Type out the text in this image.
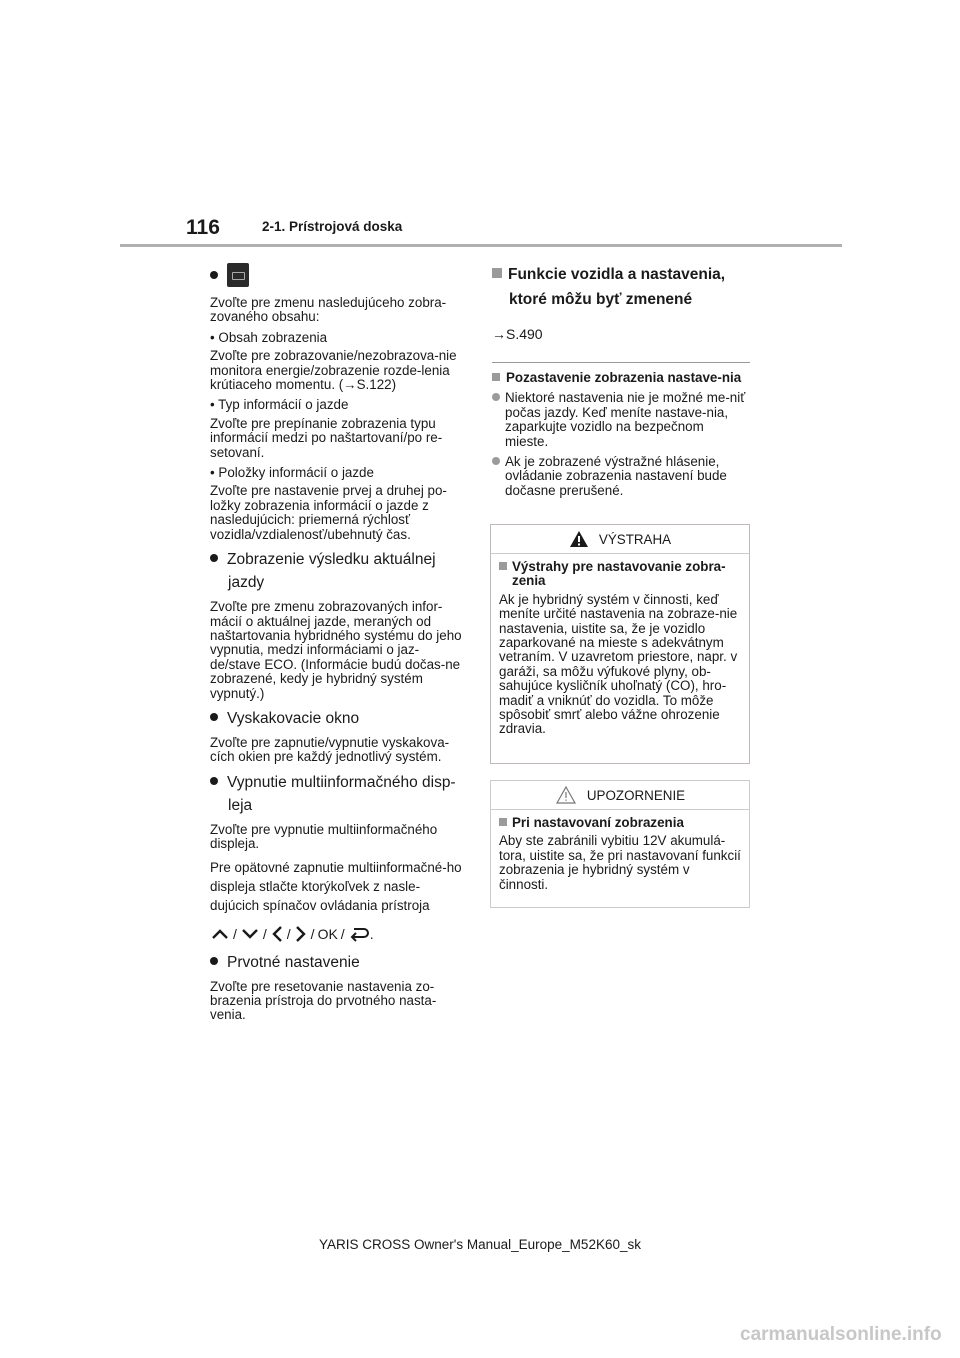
116	2-1. Prístrojová doska

Zvoľte pre zmenu nasledujúceho zobra-zovaného obsahu:

• Obsah zobrazenia

Zvoľte pre zobrazovanie/nezobrazova-nie monitora energie/zobrazenie rozde-lenia krútiaceho momentu. (→S.122)

• Typ informácií o jazde

Zvoľte pre prepínanie zobrazenia typu informácií medzi po naštartovaní/po re-setovaní.

• Položky informácií o jazde

Zvoľte pre nastavenie prvej a druhej po-ložky zobrazenia informácií o jazde z nasledujúcich: priemerná rýchlosť vozidla/vzdialenosť/ubehnutý čas.

Zobrazenie výsledku aktuálnej jazdy

Zvoľte pre zmenu zobrazovaných infor-mácií o aktuálnej jazde, meraných od naštartovania hybridného systému do jeho vypnutia, medzi informáciami o jaz-de/stave ECO. (Informácie budú dočas-ne zobrazené, kedy je hybridný systém vypnutý.)

Vyskakovacie okno

Zvoľte pre zapnutie/vypnutie vyskakova-cích okien pre každý jednotlivý systém.

Vypnutie multiinformačného disp-leja

Zvoľte pre vypnutie multiinformačného displeja.

Pre opätovné zapnutie multiinformačné-ho displeja stlačte ktorýkoľvek z nasle-dujúcich spínačov ovládania prístroja

/ / / / OK / .

Prvotné nastavenie

Zvoľte pre resetovanie nastavenia zo-brazenia prístroja do prvotného nasta-venia.

Funkcie vozidla a nastavenia, ktoré môžu byť zmenené

→S.490

Pozastavenie zobrazenia nastave-nia

Niektoré nastavenia nie je možné me-niť počas jazdy. Keď meníte nastave-nia, zaparkujte vozidlo na bezpečnom mieste.

Ak je zobrazené výstražné hlásenie, ovládanie zobrazenia nastavení bude dočasne prerušené.

VÝSTRAHA

Výstrahy pre nastavovanie zobra-zenia

Ak je hybridný systém v činnosti, keď meníte určité nastavenia na zobraze-nie nastavenia, uistite sa, že je vozidlo zaparkované na mieste s adekvátnym vetraním. V uzavretom priestore, napr. v garáži, sa môžu výfukové plyny, ob-sahujúce kysličník uhoľnatý (CO), hro-madiť a vniknúť do vozidla. To môže spôsobiť smrť alebo vážne ohrozenie zdravia.

UPOZORNENIE

Pri nastavovaní zobrazenia

Aby ste zabránili vybitiu 12V akumulá-tora, uistite sa, že pri nastavovaní funkcií zobrazenia je hybridný systém v činnosti.

YARIS CROSS Owner's Manual_Europe_M52K60_sk
carmanualsonline.info
